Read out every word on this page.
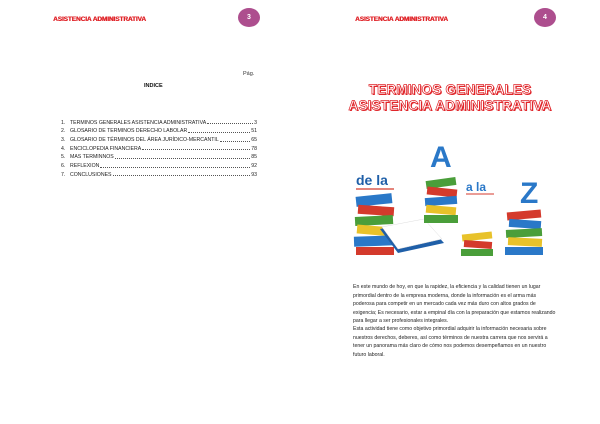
ASISTENCIA ADMINISTRATIVA	3
Pág.
INDICE
1. TERMINOS GENERALES ASISTENCIA ADMINISTRATIVA	3
2. GLOSARIO DE TERMINOS DERECHO LABOLAR	51
3. GLOSARIO DE TÉRMINOS DEL ÁREA JURÍDICO-MERCANTIL	65
4. ENCICLOPEDIA FINANCIERA	78
5. MAS TERMINNOS	85
6. REFLEXION	92
7. CONCLUSIONES	93
ASISTENCIA ADMINISTRATIVA	4
TERMINOS GENERALES
ASISTENCIA ADMINISTRATIVA
A
Z
de la	a la

En este mundo de hoy, en que la rapidez, la eficiencia y la calidad tienen un lugar primordial dentro de la empresa moderna, donde la información es el arma más poderosa para competir en un mercado cada vez más duro con altos grados de exigencia; Es necesario, estar a empinal día con la preparación que estamos realizando para llegar a ser profesionales integrales.

Esta actividad tiene como objetivo primordial adquirir la información necesaria sobre nuestros derechos, deberes, así como términos de nuestra carrera que nos servirá a tener un panorama más claro de cómo nos podemos desempeñamos en un nuestro futuro laboral.
